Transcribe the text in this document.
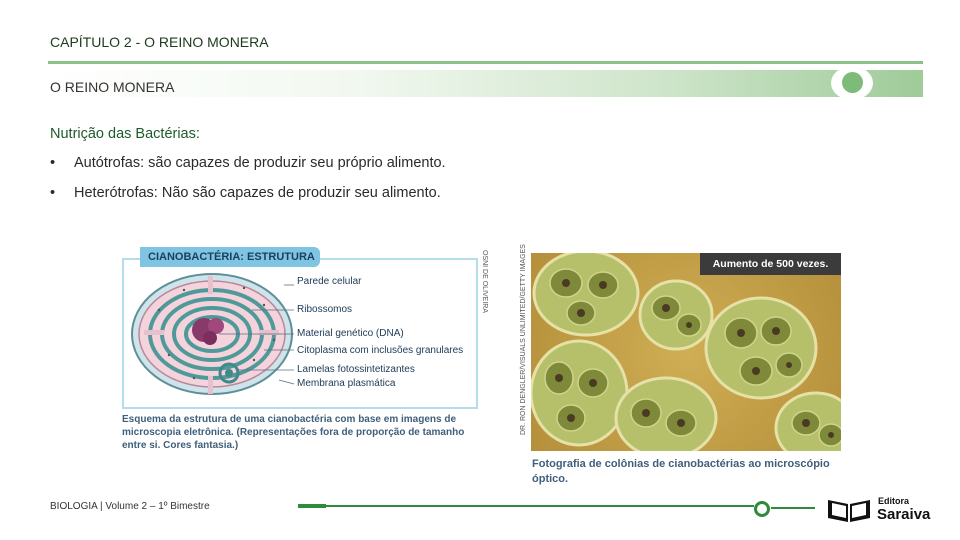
CAPÍTULO 2 - O REINO MONERA
O REINO MONERA
Nutrição das Bactérias:
• Autótrofas: são capazes de produzir seu próprio alimento.
• Heterótrofas: Não são capazes de produzir seu alimento.
CIANOBACTÉRIA: ESTRUTURA
Parede celular
Ribossomos
Material genético (DNA)
Citoplasma com inclusões granulares
Lamelas fotossintetizantes
Membrana plasmática
Esquema da estrutura de uma cianobactéria com base em imagens de microscopia eletrônica. (Representações fora de proporção de tamanho entre si. Cores fantasia.)
OSNI DE OLIVEIRA	DR. RON DENGLER/VISUALS UNLIMITED/GETTY IMAGES	Aumento de 500 vezes.
Fotografia de colônias de cianobactérias ao microscópio óptico.
BIOLOGIA | Volume 2 – 1º Bimestre	Editora
Saraiva
